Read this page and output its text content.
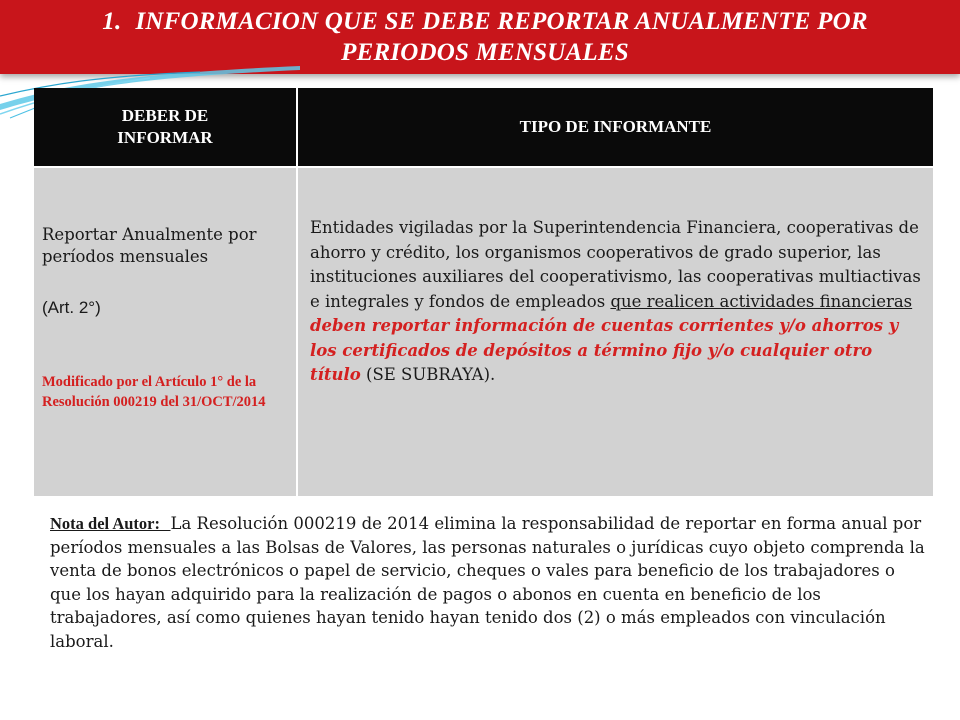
1. INFORMACION QUE SE DEBE REPORTAR ANUALMENTE POR
PERIODOS MENSUALES
DEBER DE INFORMAR
TIPO DE INFORMANTE
Reportar Anualmente por períodos mensuales
(Art. 2°)
Modificado por el Artículo 1° de la Resolución 000219 del 31/OCT/2014
Entidades vigiladas por la Superintendencia Financiera, cooperativas de ahorro y crédito, los organismos cooperativos de grado superior, las instituciones auxiliares del cooperativismo, las cooperativas multiactivas e integrales y fondos de empleados que realicen actividades financieras deben reportar información de cuentas corrientes y/o ahorros y los certificados de depósitos a término fijo y/o cualquier otro título (SE SUBRAYA).
Nota del Autor: La Resolución 000219 de 2014 elimina la responsabilidad de reportar en forma anual por períodos mensuales a las Bolsas de Valores, las personas naturales o jurídicas cuyo objeto comprenda la venta de bonos electrónicos o papel de servicio, cheques o vales para beneficio de los trabajadores o que los hayan adquirido para la realización de pagos o abonos en cuenta en beneficio de los trabajadores, así como quienes hayan tenido hayan tenido dos (2) o más empleados con vinculación laboral.
